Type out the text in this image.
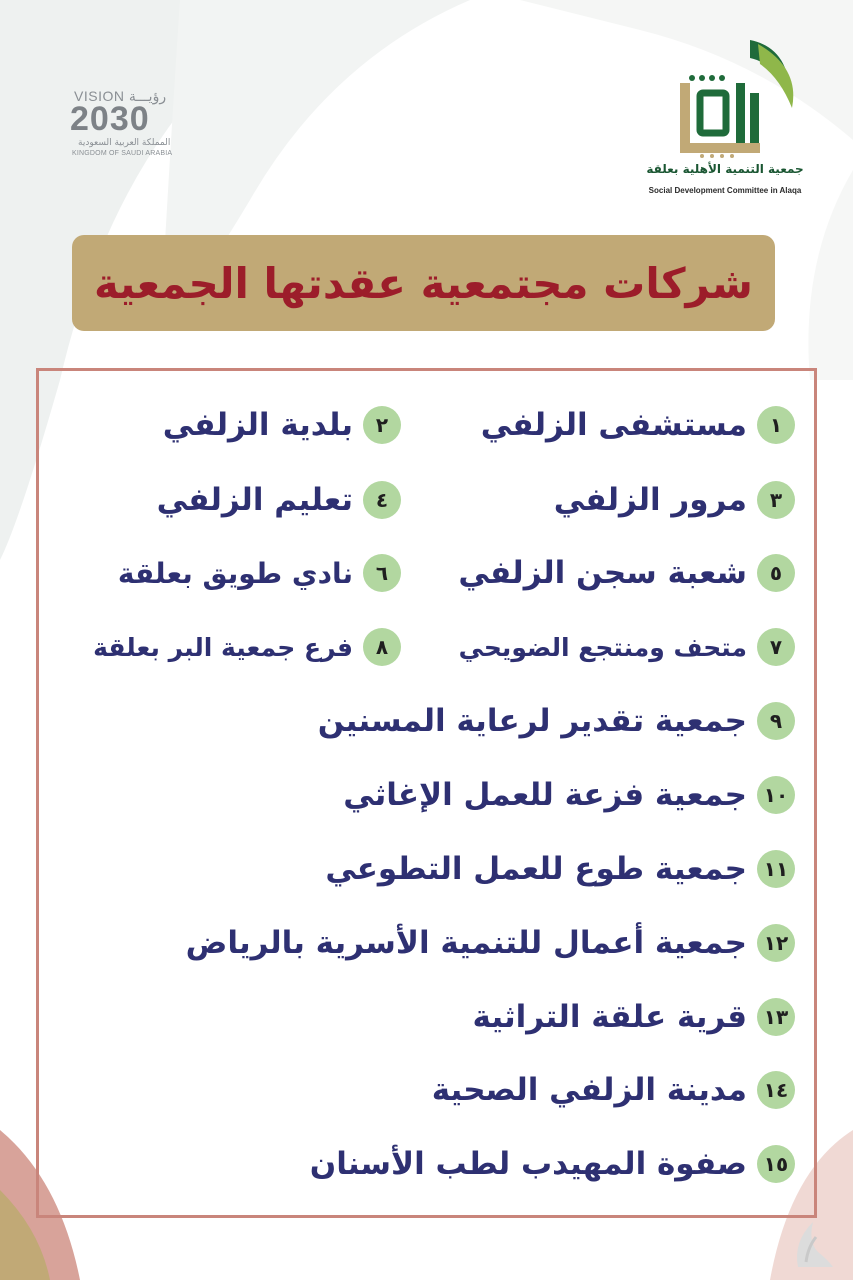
VISION رؤيـــة
2030
المملكة العربية السعودية
KINGDOM OF SAUDI ARABIA
جمعية التنمية الأهلية بعلقة
Social Development Committee in Alaqa
شركات مجتمعية عقدتها الجمعية
١
مستشفى الزلفي
٢
بلدية الزلفي
٣
مرور الزلفي
٤
تعليم الزلفي
٥
شعبة سجن الزلفي
٦
نادي طويق بعلقة
٧
متحف ومنتجع الضويحي
٨
فرع جمعية البر بعلقة
٩
جمعية تقدير لرعاية المسنين
١٠
جمعية فزعة للعمل الإغاثي
١١
جمعية طوع للعمل التطوعي
١٢
جمعية أعمال للتنمية الأسرية بالرياض
١٣
قرية علقة التراثية
١٤
مدينة الزلفي الصحية
١٥
صفوة المهيدب لطب الأسنان
